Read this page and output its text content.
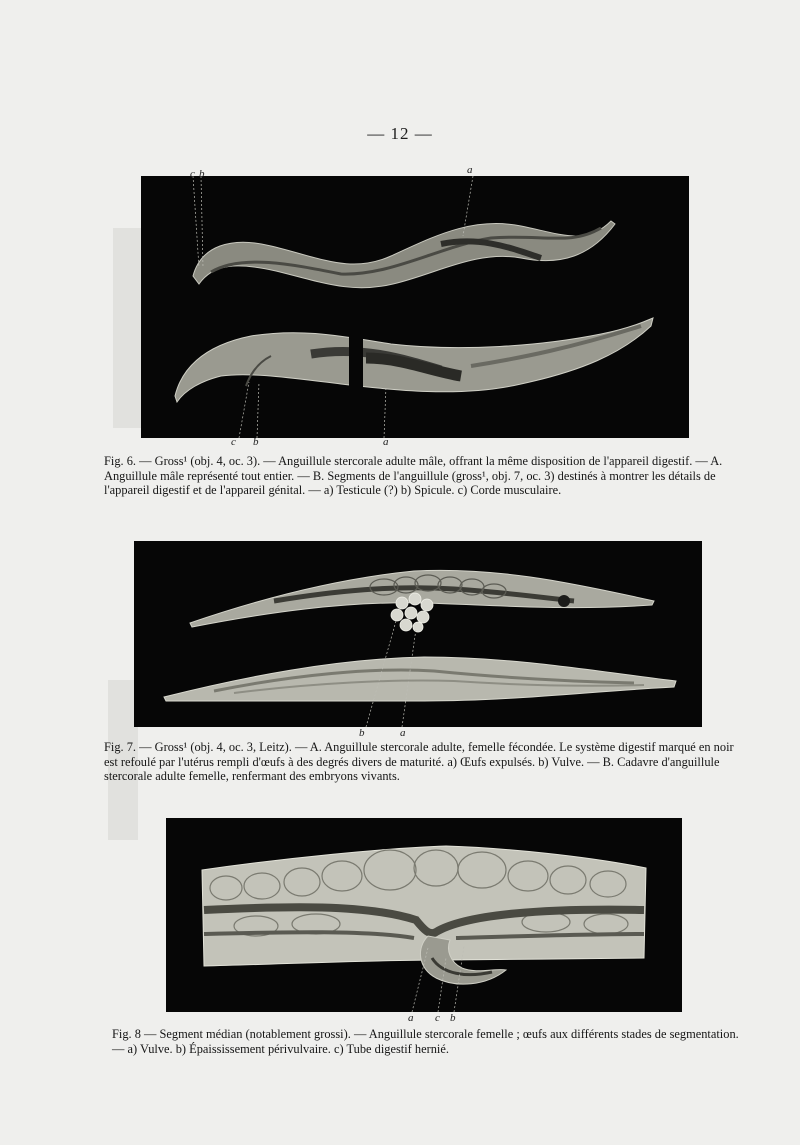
— 12 —
c b	a
c b	a
Fig. 6. — Gross¹ (obj. 4, oc. 3). — Anguillule stercorale adulte mâle, offrant la même disposition de l'appareil digestif. — A. Anguillule mâle représenté tout entier. — B. Segments de l'anguillule (gross¹, obj. 7, oc. 3) destinés à montrer les détails de l'appareil digestif et de l'appareil génital. — a) Testicule (?) b) Spicule. c) Corde musculaire.
b	a
Fig. 7. — Gross¹ (obj. 4, oc. 3, Leitz). — A. Anguillule stercorale adulte, femelle fécondée. Le système digestif marqué en noir est refoulé par l'utérus rempli d'œufs à des degrés divers de maturité. a) Œufs expulsés. b) Vulve. — B. Cadavre d'anguillule stercorale adulte femelle, renfermant des embryons vivants.
a c b
Fig. 8 — Segment médian (notablement grossi). — Anguillule stercorale femelle ; œufs aux différents stades de segmentation. — a) Vulve. b) Épaississement périvulvaire. c) Tube digestif hernié.
